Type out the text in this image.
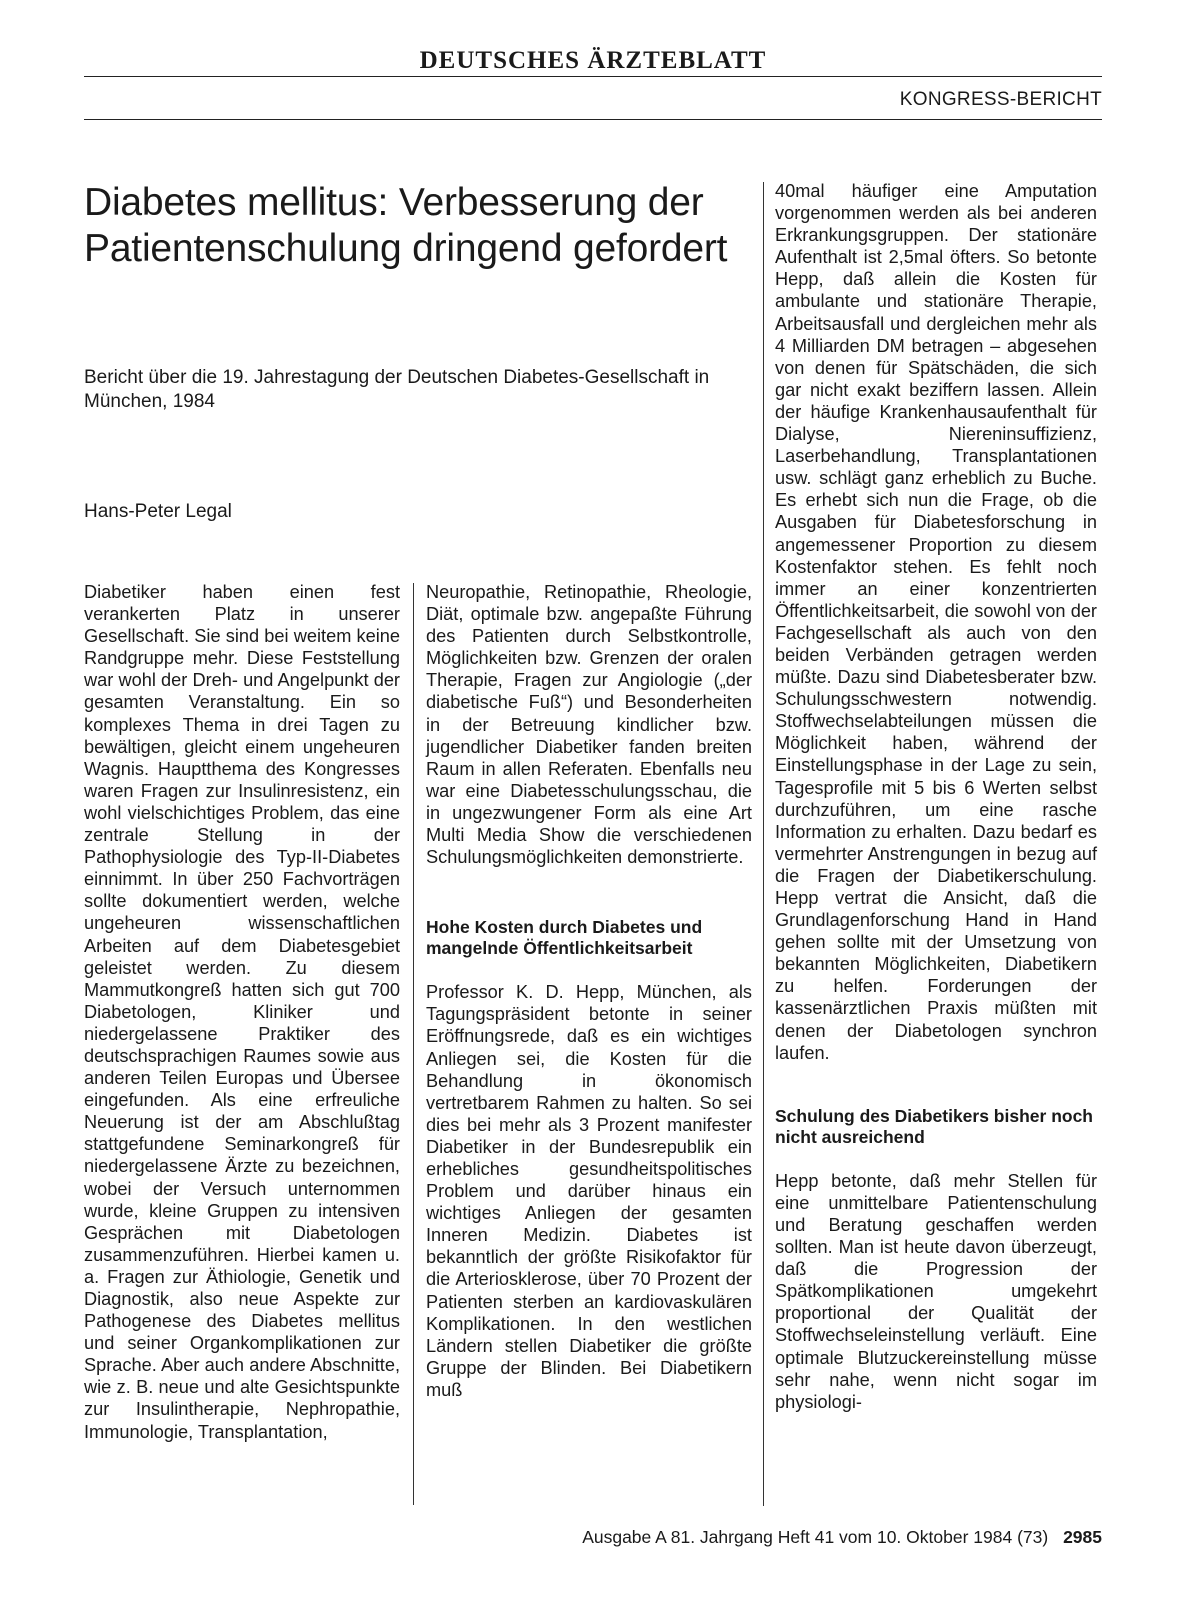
DEUTSCHES ÄRZTEBLATT
KONGRESS-BERICHT
Diabetes mellitus: Verbesserung der Patientenschulung dringend gefordert
Bericht über die 19. Jahrestagung der Deutschen Diabetes-Gesellschaft in München, 1984
Hans-Peter Legal

Diabetiker haben einen fest verankerten Platz in unserer Gesellschaft. Sie sind bei weitem keine Randgruppe mehr. Diese Feststellung war wohl der Dreh- und Angelpunkt der gesamten Veranstaltung. Ein so komplexes Thema in drei Tagen zu bewältigen, gleicht einem ungeheuren Wagnis. Hauptthema des Kongresses waren Fragen zur Insulinresistenz, ein wohl vielschichtiges Problem, das eine zentrale Stellung in der Pathophysiologie des Typ-II-Diabetes einnimmt. In über 250 Fachvorträgen sollte dokumentiert werden, welche ungeheuren wissenschaftlichen Arbeiten auf dem Diabetesgebiet geleistet werden. Zu diesem Mammutkongreß hatten sich gut 700 Diabetologen, Kliniker und niedergelassene Praktiker des deutschsprachigen Raumes sowie aus anderen Teilen Europas und Übersee eingefunden. Als eine erfreuliche Neuerung ist der am Abschlußtag stattgefundene Seminarkongreß für niedergelassene Ärzte zu bezeichnen, wobei der Versuch unternommen wurde, kleine Gruppen zu intensiven Gesprächen mit Diabetologen zusammenzuführen. Hierbei kamen u. a. Fragen zur Äthiologie, Genetik und Diagnostik, also neue Aspekte zur Pathogenese des Diabetes mellitus und seiner Organkomplikationen zur Sprache. Aber auch andere Abschnitte, wie z. B. neue und alte Gesichtspunkte zur Insulintherapie, Nephropathie, Immunologie, Transplantation,

Neuropathie, Retinopathie, Rheologie, Diät, optimale bzw. angepaßte Führung des Patienten durch Selbstkontrolle, Möglichkeiten bzw. Grenzen der oralen Therapie, Fragen zur Angiologie („der diabetische Fuß“) und Besonderheiten in der Betreuung kindlicher bzw. jugendlicher Diabetiker fanden breiten Raum in allen Referaten. Ebenfalls neu war eine Diabetesschulungsschau, die in ungezwungener Form als eine Art Multi Media Show die verschiedenen Schulungsmöglichkeiten demonstrierte.

Hohe Kosten durch Diabetes und mangelnde Öffentlichkeitsarbeit

Professor K. D. Hepp, München, als Tagungspräsident betonte in seiner Eröffnungsrede, daß es ein wichtiges Anliegen sei, die Kosten für die Behandlung in ökonomisch vertretbarem Rahmen zu halten. So sei dies bei mehr als 3 Prozent manifester Diabetiker in der Bundesrepublik ein erhebliches gesundheitspolitisches Problem und darüber hinaus ein wichtiges Anliegen der gesamten Inneren Medizin. Diabetes ist bekanntlich der größte Risikofaktor für die Arteriosklerose, über 70 Prozent der Patienten sterben an kardiovaskulären Komplikationen. In den westlichen Ländern stellen Diabetiker die größte Gruppe der Blinden. Bei Diabetikern muß

40mal häufiger eine Amputation vorgenommen werden als bei anderen Erkrankungsgruppen. Der stationäre Aufenthalt ist 2,5mal öfters. So betonte Hepp, daß allein die Kosten für ambulante und stationäre Therapie, Arbeitsausfall und dergleichen mehr als 4 Milliarden DM betragen – abgesehen von denen für Spätschäden, die sich gar nicht exakt beziffern lassen. Allein der häufige Krankenhausaufenthalt für Dialyse, Niereninsuffizienz, Laserbehandlung, Transplantationen usw. schlägt ganz erheblich zu Buche. Es erhebt sich nun die Frage, ob die Ausgaben für Diabetesforschung in angemessener Proportion zu diesem Kostenfaktor stehen. Es fehlt noch immer an einer konzentrierten Öffentlichkeitsarbeit, die sowohl von der Fachgesellschaft als auch von den beiden Verbänden getragen werden müßte. Dazu sind Diabetesberater bzw. Schulungsschwestern notwendig. Stoffwechselabteilungen müssen die Möglichkeit haben, während der Einstellungsphase in der Lage zu sein, Tagesprofile mit 5 bis 6 Werten selbst durchzuführen, um eine rasche Information zu erhalten. Dazu bedarf es vermehrter Anstrengungen in bezug auf die Fragen der Diabetikerschulung. Hepp vertrat die Ansicht, daß die Grundlagenforschung Hand in Hand gehen sollte mit der Umsetzung von bekannten Möglichkeiten, Diabetikern zu helfen. Forderungen der kassenärztlichen Praxis müßten mit denen der Diabetologen synchron laufen.

Schulung des Diabetikers bisher noch nicht ausreichend

Hepp betonte, daß mehr Stellen für eine unmittelbare Patientenschulung und Beratung geschaffen werden sollten. Man ist heute davon überzeugt, daß die Progression der Spätkomplikationen umgekehrt proportional der Qualität der Stoffwechseleinstellung verläuft. Eine optimale Blutzuckereinstellung müsse sehr nahe, wenn nicht sogar im physiologi-

Ausgabe A 81. Jahrgang Heft 41 vom 10. Oktober 1984 (73) 2985
